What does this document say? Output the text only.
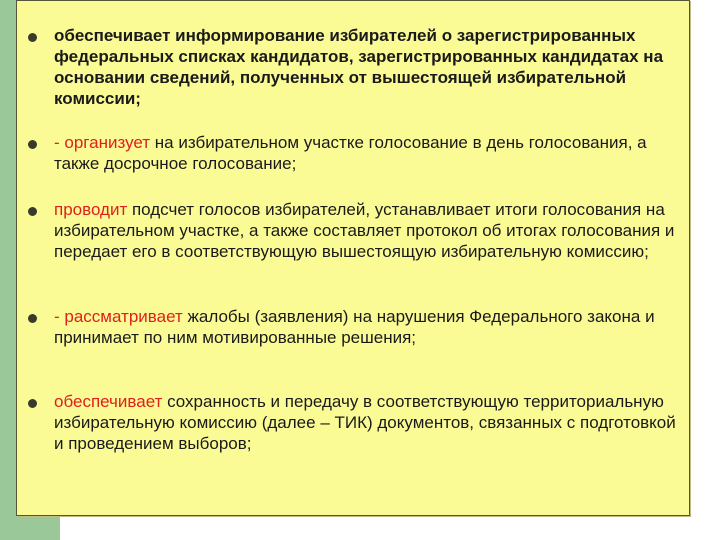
обеспечивает информирование избирателей о зарегистрированных федеральных списках кандидатов, зарегистрированных кандидатах на основании сведений, полученных от вышестоящей избирательной комиссии;

- организует на избирательном участке голосование в день голосования, а также досрочное голосование;

проводит подсчет голосов избирателей, устанавливает итоги голосования на избирательном участке, а также составляет протокол об итогах голосования и передает его в соответствующую вышестоящую избирательную комиссию;

- рассматривает жалобы (заявления) на нарушения Федерального закона и принимает по ним мотивированные решения;

обеспечивает сохранность и передачу в соответствующую территориальную избирательную комиссию (далее – ТИК) документов, связанных с подготовкой и проведением выборов;
